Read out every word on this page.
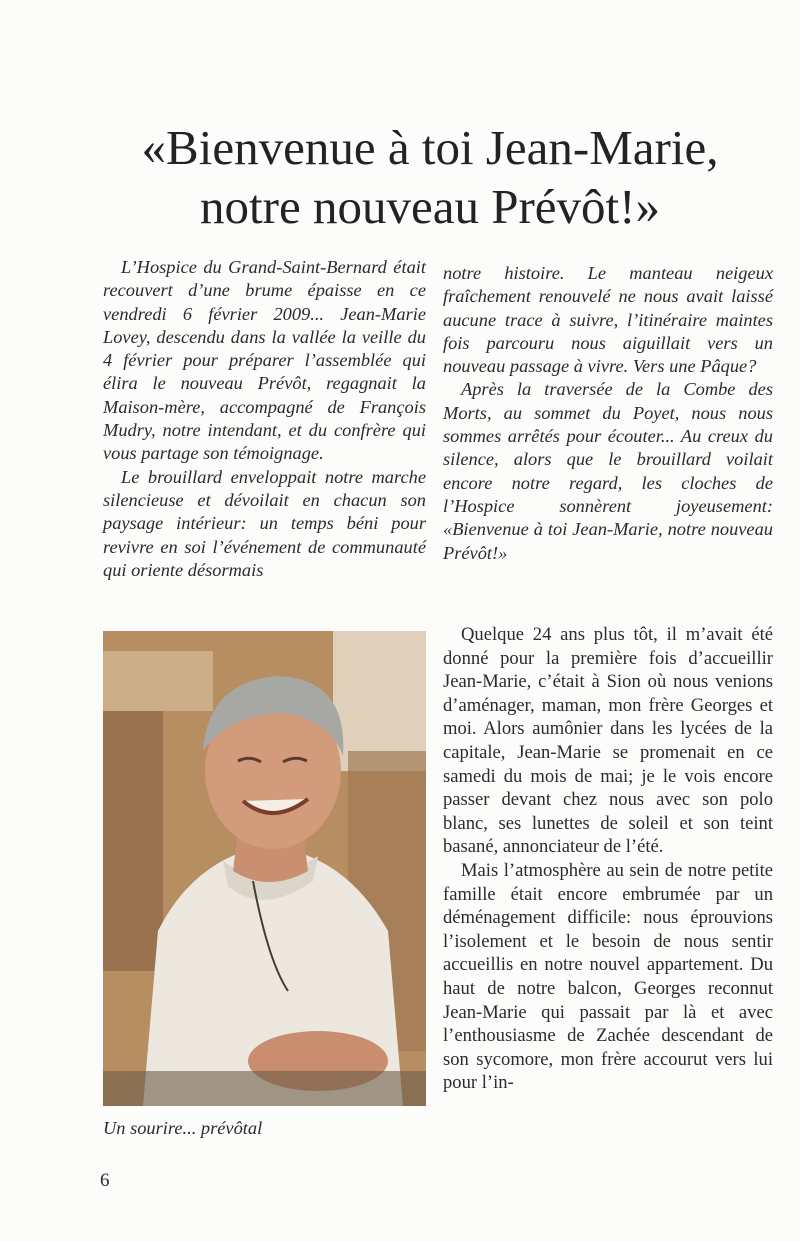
«Bienvenue à toi Jean-Marie,
notre nouveau Prévôt!»

L’Hospice du Grand-Saint-Bernard était recouvert d’une brume épaisse en ce vendredi 6 février 2009... Jean-Marie Lovey, descendu dans la vallée la veille du 4 février pour préparer l’assemblée qui élira le nouveau Prévôt, regagnait la Maison-mère, accompagné de François Mudry, notre intendant, et du confrère qui vous partage son témoignage.

Le brouillard enveloppait notre marche silencieuse et dévoilait en chacun son paysage intérieur: un temps béni pour revivre en soi l’événement de communauté qui oriente désormais

notre histoire. Le manteau neigeux fraîchement renouvelé ne nous avait laissé aucune trace à suivre, l’itinéraire maintes fois parcouru nous aiguillait vers un nouveau passage à vivre. Vers une Pâque?

Après la traversée de la Combe des Morts, au sommet du Poyet, nous nous sommes arrêtés pour écouter... Au creux du silence, alors que le brouillard voilait encore notre regard, les cloches de l’Hospice sonnèrent joyeusement: «Bienvenue à toi Jean-Marie, notre nouveau Prévôt!»

Un sourire... prévôtal

Quelque 24 ans plus tôt, il m’avait été donné pour la première fois d’accueillir Jean-Marie, c’était à Sion où nous venions d’aménager, maman, mon frère Georges et moi. Alors aumônier dans les lycées de la capitale, Jean-Marie se promenait en ce samedi du mois de mai; je le vois encore passer devant chez nous avec son polo blanc, ses lunettes de soleil et son teint basané, annonciateur de l’été.

Mais l’atmosphère au sein de notre petite famille était encore embrumée par un déménagement difficile: nous éprouvions l’isolement et le besoin de nous sentir accueillis en notre nouvel appartement. Du haut de notre balcon, Georges reconnut Jean-Marie qui passait par là et avec l’enthousiasme de Zachée descendant de son sycomore, mon frère accourut vers lui pour l’in-

6
